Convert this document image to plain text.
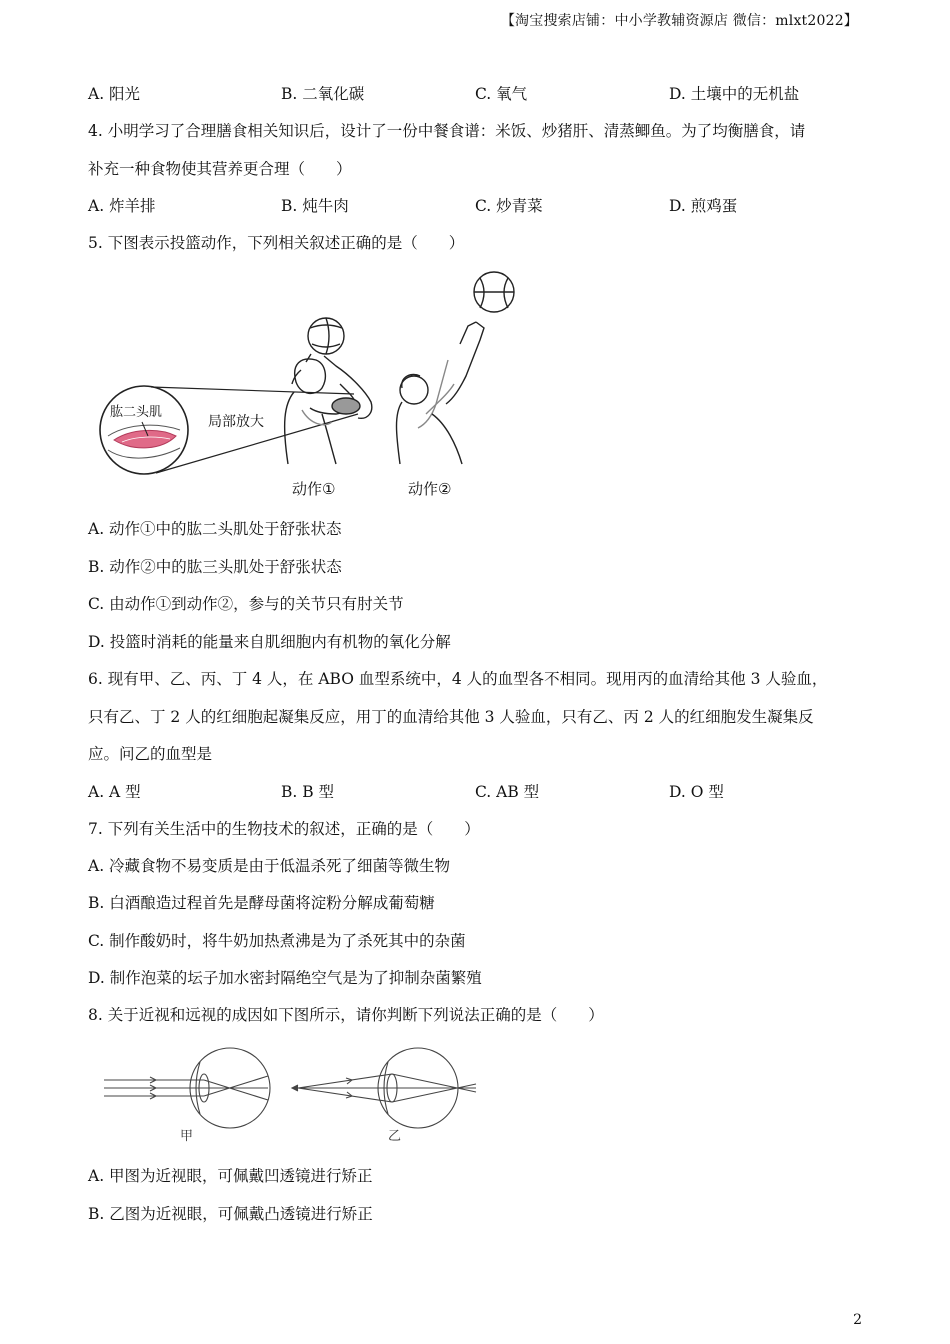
【淘宝搜索店铺：中小学教辅资源店 微信：mlxt2022】
A. 阳光	B. 二氧化碳	C. 氧气	D. 土壤中的无机盐
4. 小明学习了合理膳食相关知识后，设计了一份中餐食谱：米饭、炒猪肝、清蒸鲫鱼。为了均衡膳食，请
补充一种食物使其营养更合理（　　）
A. 炸羊排	B. 炖牛肉	C. 炒青菜	D. 煎鸡蛋
5. 下图表示投篮动作，下列相关叙述正确的是（　　）
肱二头肌
局部放大
动作①	动作②
A. 动作①中的肱二头肌处于舒张状态
B. 动作②中的肱三头肌处于舒张状态
C. 由动作①到动作②，参与的关节只有肘关节
D. 投篮时消耗的能量来自肌细胞内有机物的氧化分解
6. 现有甲、乙、丙、丁 4 人，在 ABO 血型系统中，4 人的血型各不相同。现用丙的血清给其他 3 人验血，
只有乙、丁 2 人的红细胞起凝集反应，用丁的血清给其他 3 人验血，只有乙、丙 2 人的红细胞发生凝集反
应。问乙的血型是
A. A 型	B. B 型	C. AB 型	D. O 型
7. 下列有关生活中的生物技术的叙述，正确的是（　　）
A. 冷藏食物不易变质是由于低温杀死了细菌等微生物
B. 白酒酿造过程首先是酵母菌将淀粉分解成葡萄糖
C. 制作酸奶时，将牛奶加热煮沸是为了杀死其中的杂菌
D. 制作泡菜的坛子加水密封隔绝空气是为了抑制杂菌繁殖
8. 关于近视和远视的成因如下图所示，请你判断下列说法正确的是（　　）
甲	乙
A. 甲图为近视眼，可佩戴凹透镜进行矫正
B. 乙图为近视眼，可佩戴凸透镜进行矫正
2
